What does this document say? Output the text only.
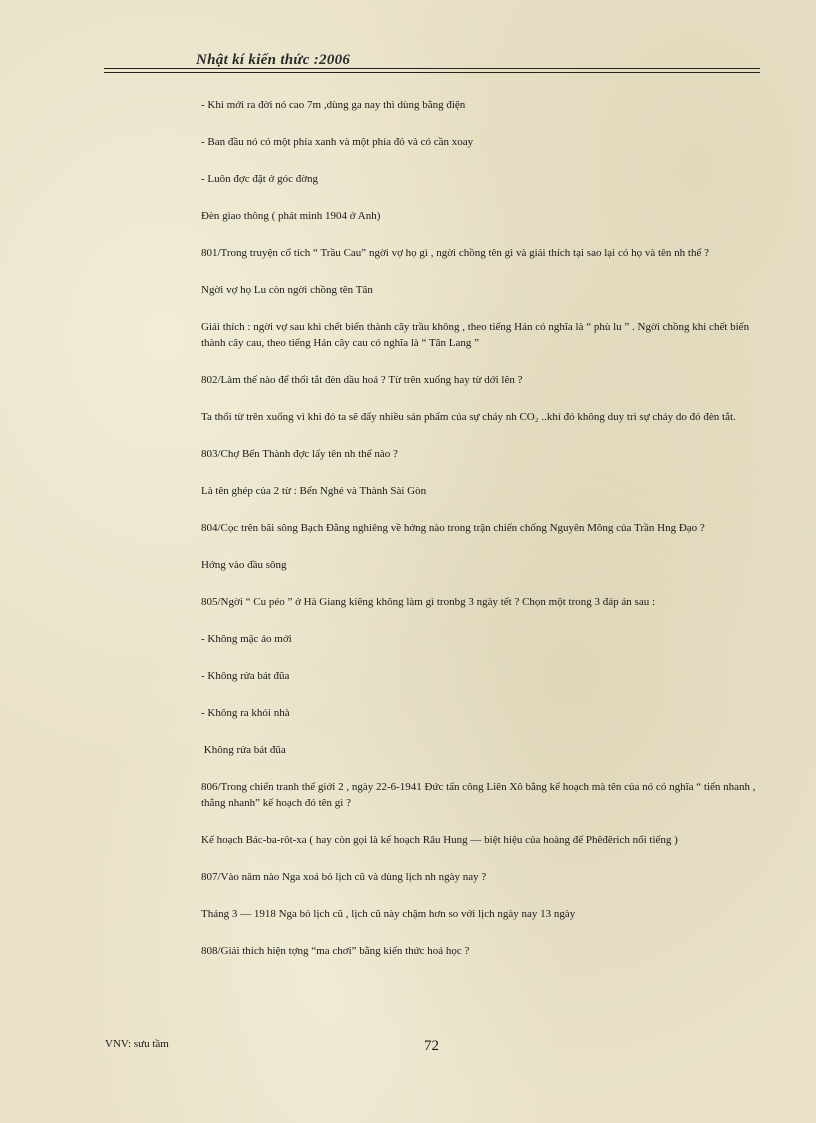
Nhật kí kiến thức :2006

- Khi mới ra đời nó cao 7m ,dùng ga nay thì dùng bằng điện

- Ban đầu nó có một phía xanh và một phía đỏ và có cần xoay

- Luôn đợc đặt ở góc đờng

Đèn giao thông ( phát minh 1904 ở Anh)

801/Trong truyện cổ tích “ Trầu Cau” ngời vợ họ gì , ngời chồng tên gì và giải thích tại sao lại có họ và tên nh thế ?

Ngời vợ họ Lu còn ngời chồng tên Tân

Giải thích : ngời vợ sau khi chết biến thành cây trầu không , theo tiếng Hán có nghĩa là “ phù lu ” . Ngời chồng khi chết biến thành cây cau, theo tiếng Hán cây cau có nghĩa là “ Tân Lang ”

802/Làm thế nào để thổi tắt đèn dầu hoả ? Từ trên xuống hay từ dới lên ?

Ta thổi từ trên xuống vì khi đó ta sẽ đẩy nhiều sản phẩm của sự cháy nh CO₂ ..khí đó không duy trì sự cháy do đó đèn tắt.

803/Chợ Bến Thành đợc lấy tên nh thế nào ?

Là tên ghép của 2 từ : Bến Nghé và Thành Sài Gòn

804/Cọc trên bãi sông Bạch Đằng nghiêng về hớng nào trong trận chiến chống Nguyên Mông của Trần Hng Đạo ?

Hớng vào đầu sông

805/Ngời “ Cu péo ” ở Hà Giang kiêng không làm gì tronbg 3 ngày tết ? Chọn một trong 3 đáp án sau :

- Không mặc áo mới

- Không rửa bát đũa

- Không ra khỏi nhà

Không rửa bát đũa

806/Trong chiến tranh thế giới 2 , ngày 22-6-1941 Đức tấn công Liên Xô bằng kế hoạch mà tên của nó có nghĩa “ tiến nhanh , thắng nhanh” kế hoạch đó tên gì ?

Kế hoạch Bác-ba-rôt-xa ( hay còn gọi là kế hoạch Râu Hung — biệt hiệu của hoàng đế Phêđêrich nổi tiếng )

807/Vào năm nào Nga xoá bỏ lịch cũ và dùng lịch nh ngày nay ?

Tháng 3 — 1918 Nga bỏ lịch cũ , lịch cũ này chậm hơn so với lịch ngày nay 13 ngày

808/Giải thích hiện tợng “ma chơi” bằng kiến thức hoá học ?

VNV: sưu tầm	72
